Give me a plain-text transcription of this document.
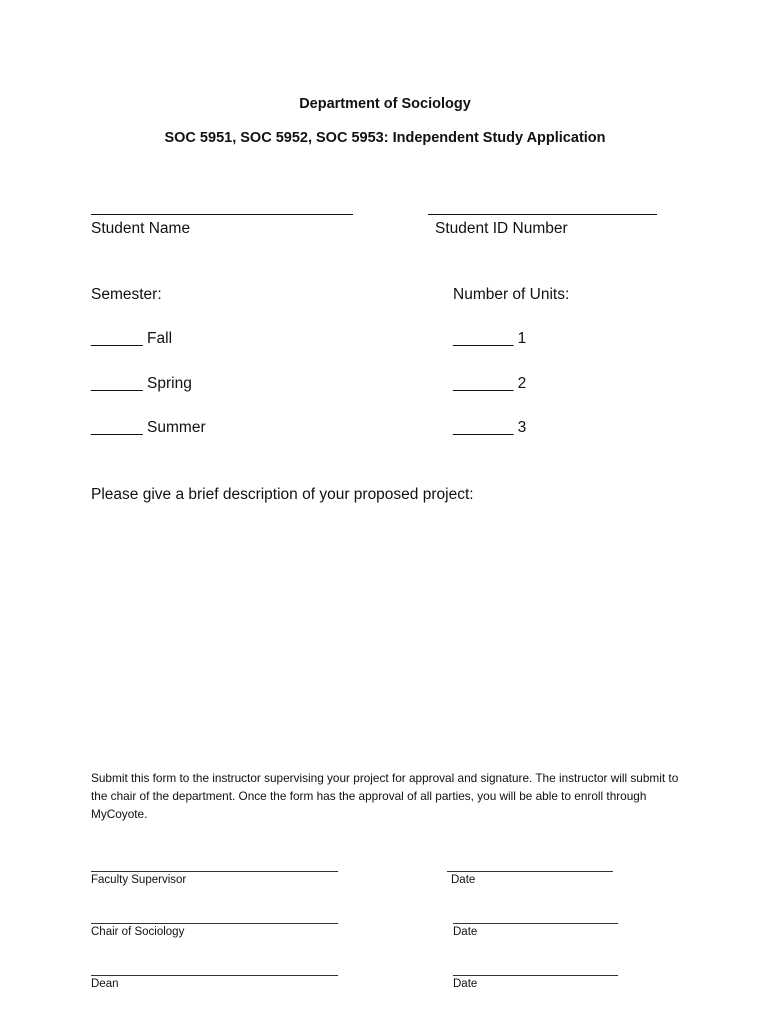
Department of Sociology
SOC 5951, SOC 5952, SOC 5953: Independent Study Application
Student Name	Student ID Number
Semester:
______ Fall
______ Spring
______ Summer
Number of Units:
_______ 1
_______ 2
_______ 3
Please give a brief description of your proposed project:
Submit this form to the instructor supervising your project for approval and signature. The instructor will submit to the chair of the department. Once the form has the approval of all parties, you will be able to enroll through MyCoyote.
Faculty Supervisor	Date
Chair of Sociology	Date
Dean	Date
